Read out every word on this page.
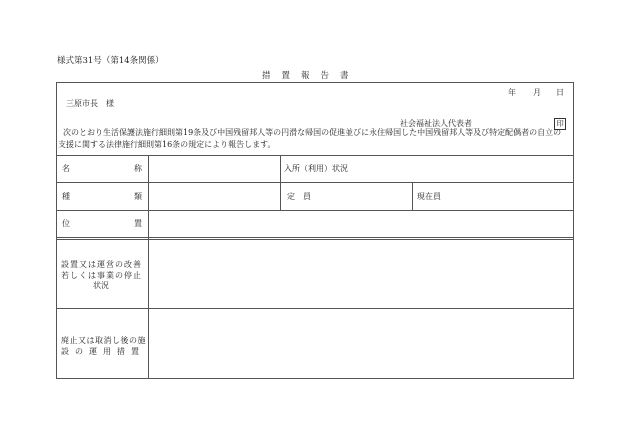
様式第31号（第14条関係）
措置報告書
年 月 日
三原市長　様
社会福祉法人代表者	印
次のとおり生活保護法施行細則第19条及び中国残留邦人等の円滑な帰国の促進並びに永住帰国した中国残留邦人等及び特定配偶者の自立の
支援に関する法律施行細則第16条の規定により報告します。
名	称	入所（利用）状況
種	類	定　員	現在員
位	置
設置又は運営の改善
若しくは事業の停止
状況
廃止又は取消し後の施
設の運用措置
